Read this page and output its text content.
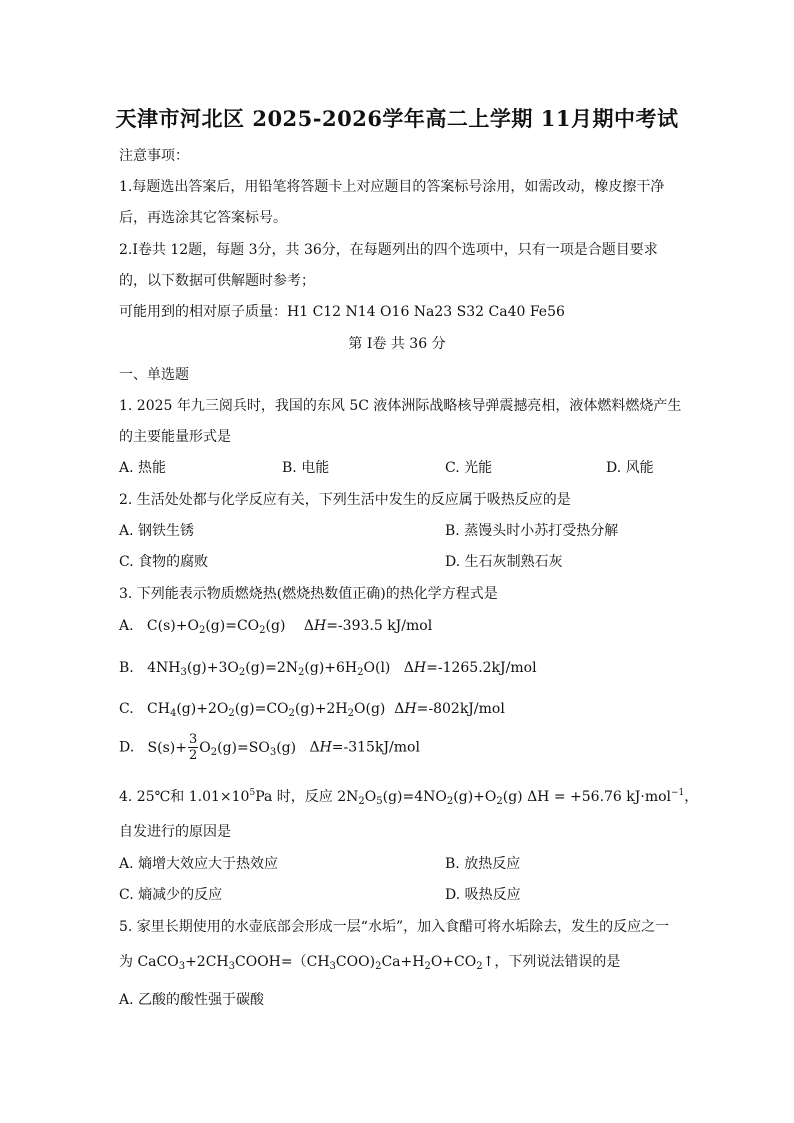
天津市河北区 2025-2026学年高二上学期 11月期中考试
注意事项：
1.每题选出答案后，用铅笔将答题卡上对应题目的答案标号涂用，如需改动，橡皮擦干净
后，再选涂其它答案标号。
2.I卷共 12题，每题 3分，共 36分，在每题列出的四个选项中，只有一项是合题目要求
的，以下数据可供解题时参考；
可能用到的相对原子质量：H1 C12 N14 O16 Na23 S32 Ca40 Fe56
第 I卷 共 36 分
一、单选题
1. 2025 年九三阅兵时，我国的东风 5C 液体洲际战略核导弹震撼亮相，液体燃料燃烧产生
的主要能量形式是
A. 热能	B. 电能	C. 光能	D. 风能
2. 生活处处都与化学反应有关，下列生活中发生的反应属于吸热反应的是
A. 钢铁生锈	B. 蒸馒头时小苏打受热分解
C. 食物的腐败	D. 生石灰制熟石灰
3. 下列能表示物质燃烧热(燃烧热数值正确)的热化学方程式是
A. $C(s)+O_2(g)=CO_2(g)$ ΔH=-393.5 kJ/mol
B. $4NH_3(g)+3O_2(g)=2N_2(g)+6H_2O(l)$ ΔH=-1265.2kJ/mol
C. $CH_4(g)+2O_2(g)=CO_2(g)+2H_2O(g)$ ΔH=-802kJ/mol
D. $S(s)+ \frac{3}{2} O_2(g)=SO_3(g)$ ΔH=-315kJ/mol
4. 25℃和 $1.01\times 10^5Pa$ 时，反应 $2N_2O_5(g)=4NO_2(g)+O_2(g) \Delta H = +56.76$ kJ·mol$^{-1}$，
自发进行的原因是
A. 熵增大效应大于热效应	B. 放热反应
C. 熵减少的反应	D. 吸热反应
5. 家里长期使用的水壶底部会形成一层“水垢”，加入食醋可将水垢除去，发生的反应之一
为 $CaCO_3+2CH_3COOH=(CH_3COO)_2Ca+H_2O+CO_2↑$，下列说法错误的是
A. 乙酸的酸性强于碳酸
